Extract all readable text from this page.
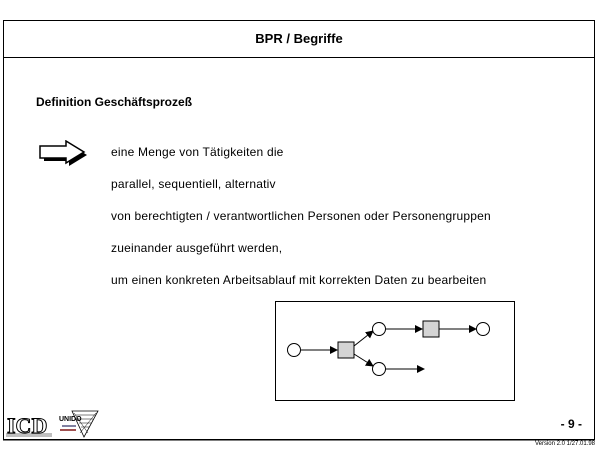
BPR / Begriffe
Definition Geschäftsprozeß
eine Menge von Tätigkeiten die
parallel, sequentiell, alternativ
von berechtigten / verantwortlichen Personen oder Personengruppen
zueinander ausgeführt werden,
um einen konkreten Arbeitsablauf mit korrekten Daten zu bearbeiten
ICD UNIDO	- 9 -
Version 2.0 1/27.01.98
